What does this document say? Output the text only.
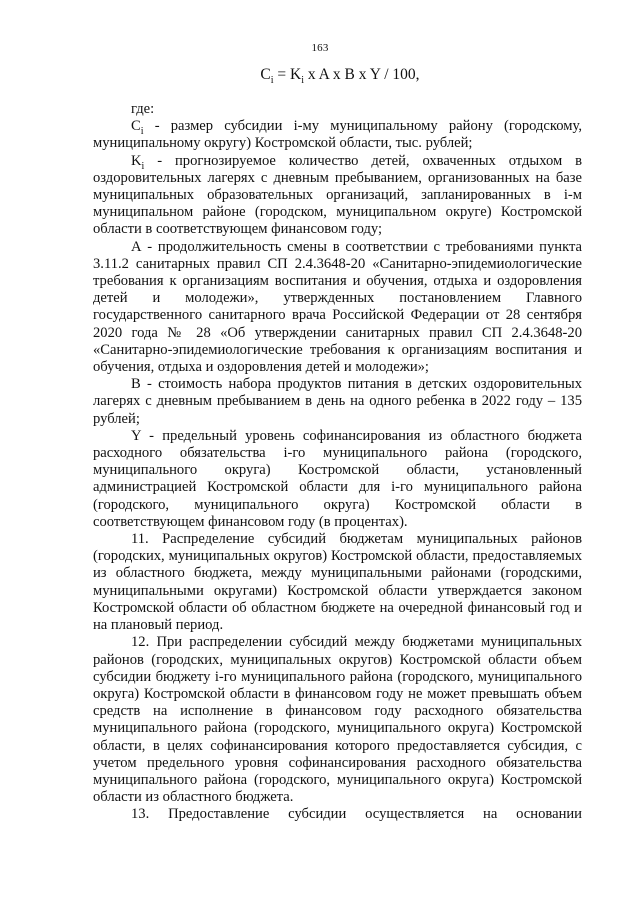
163
$C_i = K_i$ x A x B x Y / 100,

где:

$C_i$ - размер субсидии i-му муниципальному району (городскому, муниципальному округу) Костромской области, тыс. рублей;

$K_i$ - прогнозируемое количество детей, охваченных отдыхом в оздоровительных лагерях с дневным пребыванием, организованных на базе муниципальных образовательных организаций, запланированных в i-м муниципальном районе (городском, муниципальном округе) Костромской области в соответствующем финансовом году;

А - продолжительность смены в соответствии с требованиями пункта 3.11.2 санитарных правил СП 2.4.3648-20 «Санитарно-эпидемиологические требования к организациям воспитания и обучения, отдыха и оздоровления детей и молодежи», утвержденных постановлением Главного государственного санитарного врача Российской Федерации от 28 сентября 2020 года № 28 «Об утверждении санитарных правил СП 2.4.3648-20 «Санитарно-эпидемиологические требования к организациям воспитания и обучения, отдыха и оздоровления детей и молодежи»;

В - стоимость набора продуктов питания в детских оздоровительных лагерях с дневным пребыванием в день на одного ребенка в 2022 году – 135 рублей;

Y - предельный уровень софинансирования из областного бюджета расходного обязательства i-го муниципального района (городского, муниципального округа) Костромской области, установленный администрацией Костромской области для i-го муниципального района (городского, муниципального округа) Костромской области в соответствующем финансовом году (в процентах).

11. Распределение субсидий бюджетам муниципальных районов (городских, муниципальных округов) Костромской области, предоставляемых из областного бюджета, между муниципальными районами (городскими, муниципальными округами) Костромской области утверждается законом Костромской области об областном бюджете на очередной финансовый год и на плановый период.

12. При распределении субсидий между бюджетами муниципальных районов (городских, муниципальных округов) Костромской области объем субсидии бюджету i-го муниципального района (городского, муниципального округа) Костромской области в финансовом году не может превышать объем средств на исполнение в финансовом году расходного обязательства муниципального района (городского, муниципального округа) Костромской области, в целях софинансирования которого предоставляется субсидия, с учетом предельного уровня софинансирования расходного обязательства муниципального района (городского, муниципального округа) Костромской области из областного бюджета.

13. Предоставление субсидии осуществляется на основании
